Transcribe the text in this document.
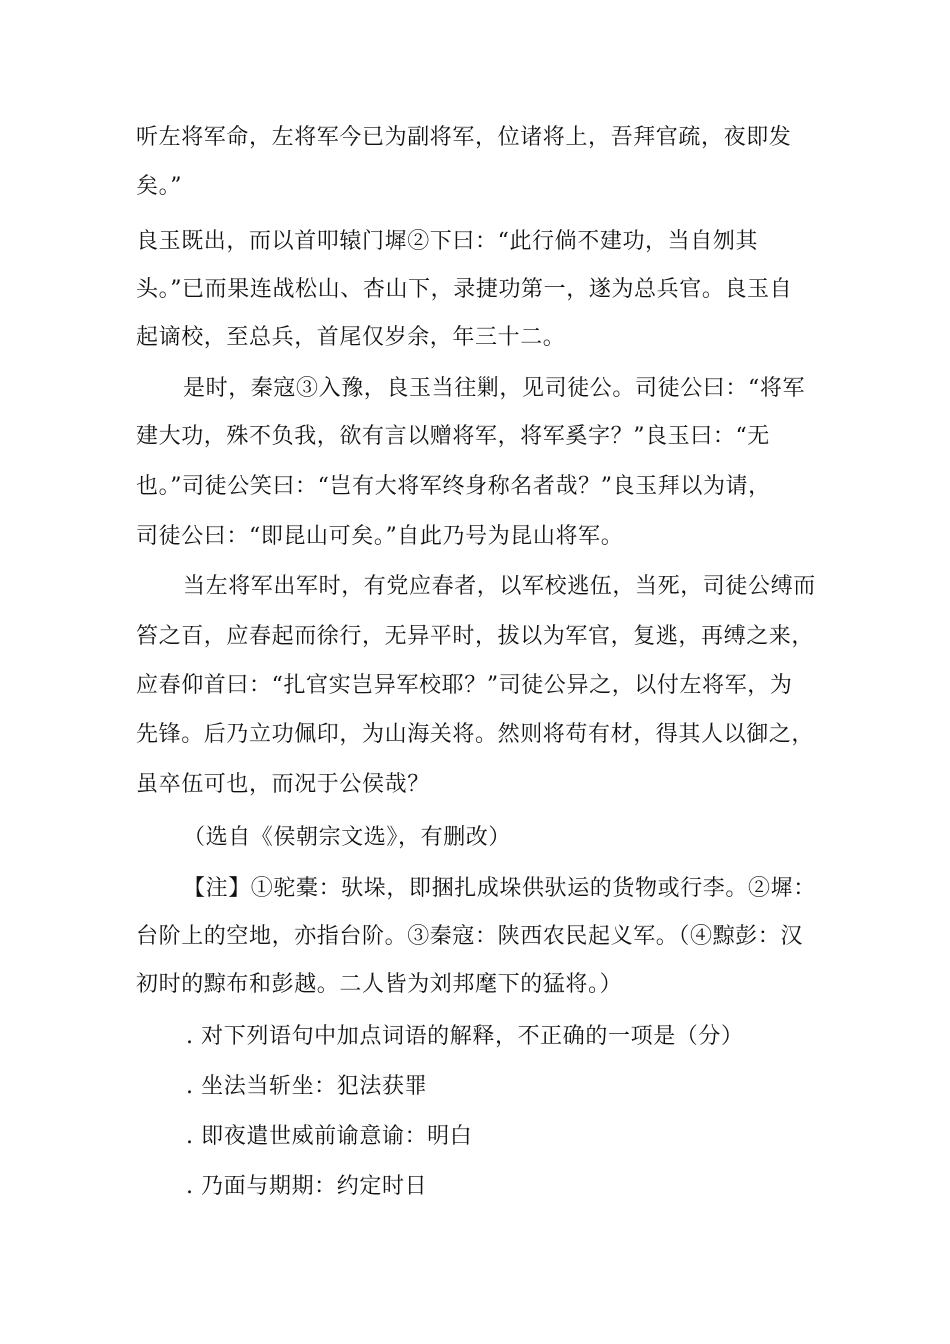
听左将军命，左将军今已为副将军，位诸将上，吾拜官疏，夜即发
矣。”
良玉既出，而以首叩辕门墀②下曰：“此行倘不建功，当自刎其
头。”已而果连战松山、杏山下，录捷功第一，遂为总兵官。良玉自
起谪校，至总兵，首尾仅岁余，年三十二。
是时，秦寇③入豫，良玉当往剿，见司徒公。司徒公曰：“将军
建大功，殊不负我，欲有言以赠将军，将军奚字？”良玉曰：“无
也。”司徒公笑曰：“岂有大将军终身称名者哉？”良玉拜以为请，
司徒公曰：“即昆山可矣。”自此乃号为昆山将军。
当左将军出军时，有党应春者，以军校逃伍，当死，司徒公缚而
笞之百，应春起而徐行，无异平时，拔以为军官，复逃，再缚之来，
应春仰首曰：“扎官实岂异军校耶？”司徒公异之，以付左将军，为
先锋。后乃立功佩印，为山海关将。然则将苟有材，得其人以御之，
虽卒伍可也，而况于公侯哉？
（选自《侯朝宗文选》，有删改）
【注】①驼橐：驮垛，即捆扎成垛供驮运的货物或行李。②墀：
台阶上的空地，亦指台阶。③秦寇：陕西农民起义军。（④黥彭：汉
初时的黥布和彭越。二人皆为刘邦麾下的猛将。）
. 对下列语句中加点词语的解释，不正确的一项是（分）
. 坐法当斩坐：犯法获罪
. 即夜遣世威前谕意谕：明白
. 乃面与期期：约定时日
